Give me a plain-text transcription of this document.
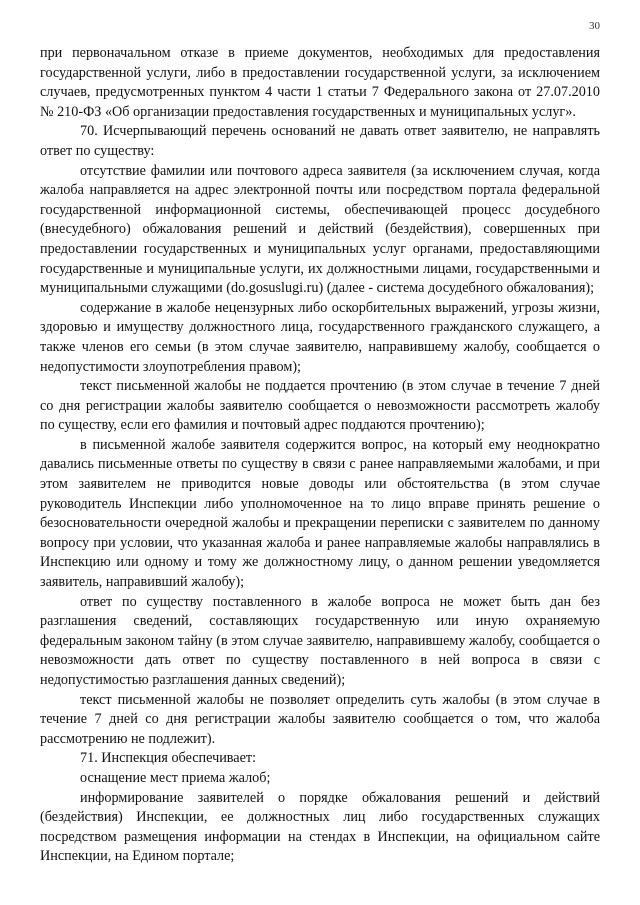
30

при первоначальном отказе в приеме документов, необходимых для предоставления государственной услуги, либо в предоставлении государственной услуги, за исключением случаев, предусмотренных пунктом 4 части 1 статьи 7 Федерального закона от 27.07.2010 № 210-ФЗ «Об организации предоставления государственных и муниципальных услуг».

70. Исчерпывающий перечень оснований не давать ответ заявителю, не направлять ответ по существу:

отсутствие фамилии или почтового адреса заявителя (за исключением случая, когда жалоба направляется на адрес электронной почты или посредством портала федеральной государственной информационной системы, обеспечивающей процесс досудебного (внесудебного) обжалования решений и действий (бездействия), совершенных при предоставлении государственных и муниципальных услуг органами, предоставляющими государственные и муниципальные услуги, их должностными лицами, государственными и муниципальными служащими (do.gosuslugi.ru) (далее - система досудебного обжалования);

содержание в жалобе нецензурных либо оскорбительных выражений, угрозы жизни, здоровью и имуществу должностного лица, государственного гражданского служащего, а также членов его семьи (в этом случае заявителю, направившему жалобу, сообщается о недопустимости злоупотребления правом);

текст письменной жалобы не поддается прочтению (в этом случае в течение 7 дней со дня регистрации жалобы заявителю сообщается о невозможности рассмотреть жалобу по существу, если его фамилия и почтовый адрес поддаются прочтению);

в письменной жалобе заявителя содержится вопрос, на который ему неоднократно давались письменные ответы по существу в связи с ранее направляемыми жалобами, и при этом заявителем не приводится новые доводы или обстоятельства (в этом случае руководитель Инспекции либо уполномоченное на то лицо вправе принять решение о безосновательности очередной жалобы и прекращении переписки с заявителем по данному вопросу при условии, что указанная жалоба и ранее направляемые жалобы направлялись в Инспекцию или одному и тому же должностному лицу, о данном решении уведомляется заявитель, направивший жалобу);

ответ по существу поставленного в жалобе вопроса не может быть дан без разглашения сведений, составляющих государственную или иную охраняемую федеральным законом тайну (в этом случае заявителю, направившему жалобу, сообщается о невозможности дать ответ по существу поставленного в ней вопроса в связи с недопустимостью разглашения данных сведений);

текст письменной жалобы не позволяет определить суть жалобы (в этом случае в течение 7 дней со дня регистрации жалобы заявителю сообщается о том, что жалоба рассмотрению не подлежит).

71. Инспекция обеспечивает:

оснащение мест приема жалоб;

информирование заявителей о порядке обжалования решений и действий (бездействия) Инспекции, ее должностных лиц либо государственных служащих посредством размещения информации на стендах в Инспекции, на официальном сайте Инспекции, на Едином портале;
